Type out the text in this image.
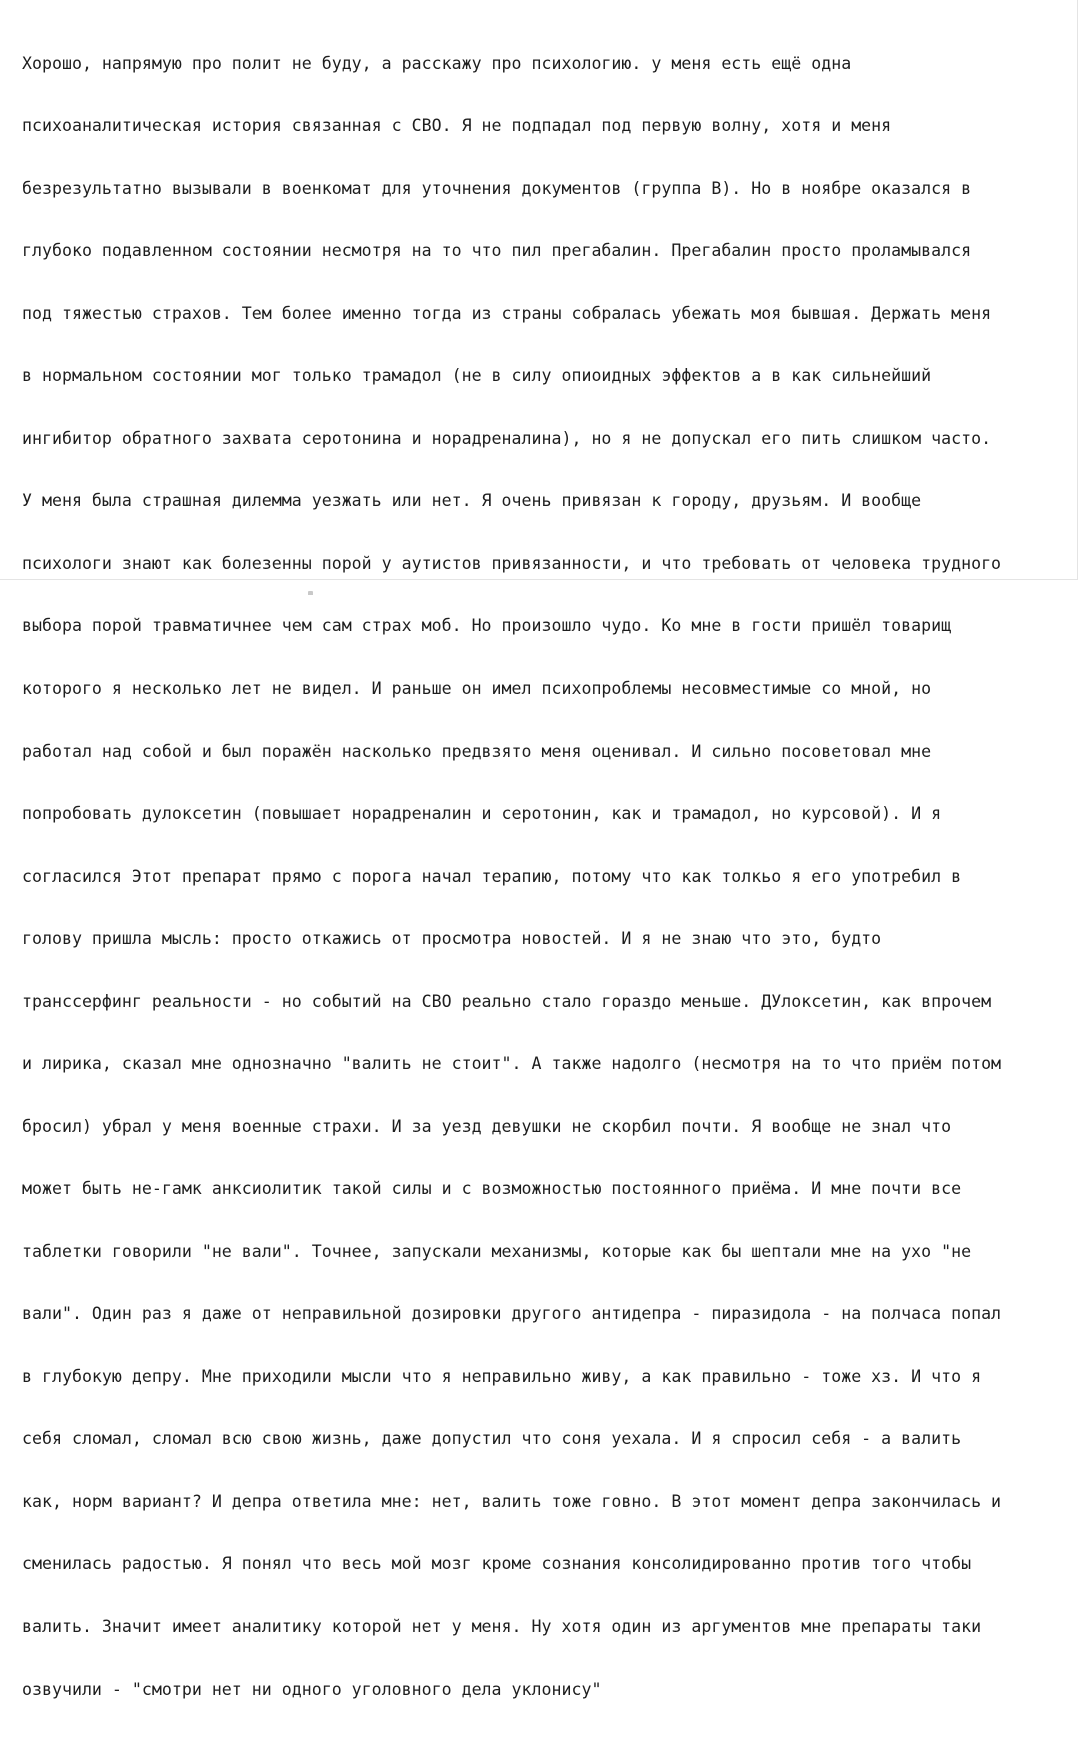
Хорошо, напрямую про полит не буду, а расскажу про психологию. у меня есть ещё одна

психоаналитическая история связанная с СВО. Я не подпадал под первую волну, хотя и меня

безрезультатно вызывали в военкомат для уточнения документов (группа В). Но в ноябре оказался в

глубоко подавленном состоянии несмотря на то что пил прегабалин. Прегабалин просто проламывался

под тяжестью страхов. Тем более именно тогда из страны собралась убежать моя бывшая. Держать меня

в нормальном состоянии мог только трамадол (не в силу опиоидных эффектов а в как сильнейший

ингибитор обратного захвата серотонина и норадреналина), но я не допускал его пить слишком часто.

У меня была страшная дилемма уезжать или нет. Я очень привязан к городу, друзьям. И вообще

психологи знают как болезенны порой у аутистов привязанности, и что требовать от человека трудного

выбора порой травматичнее чем сам страх моб. Но произошло чудо. Ко мне в гости пришёл товарищ

которого я несколько лет не видел. И раньше он имел психопроблемы несовместимые со мной, но

работал над собой и был поражён насколько предвзято меня оценивал. И сильно посоветовал мне

попробовать дулоксетин (повышает норадреналин и серотонин, как и трамадол, но курсовой). И я

согласился Этот препарат прямо с порога начал терапию, потому что как толкьо я его употребил в

голову пришла мысль: просто откажись от просмотра новостей. И я не знаю что это, будто

транссерфинг реальности - но событий на СВО реально стало гораздо меньше. ДУлоксетин, как впрочем

и лирика, сказал мне однозначно "валить не стоит". А также надолго (несмотря на то что приём потом

бросил) убрал у меня военные страхи. И за уезд девушки не скорбил почти. Я вообще не знал что

может быть не-гамк анксиолитик такой силы и с возможностью постоянного приёма. И мне почти все

таблетки говорили "не вали". Точнее, запускали механизмы, которые как бы шептали мне на ухо "не

вали". Один раз я даже от неправильной дозировки другого антидепра - пиразидола - на полчаса попал

в глубокую депру. Мне приходили мысли что я неправильно живу, а как правильно - тоже хз. И что я

себя сломал, сломал всю свою жизнь, даже допустил что соня уехала. И я спросил себя - а валить

как, норм вариант? И депра ответила мне: нет, валить тоже говно. В этот момент депра закончилась и

сменилась радостью. Я понял что весь мой мозг кроме сознания консолидированно против того чтобы

валить. Значит имеет аналитику которой нет у меня. Ну хотя один из аргументов мне препараты таки

озвучили - "смотри нет ни одного уголовного дела уклонису"
